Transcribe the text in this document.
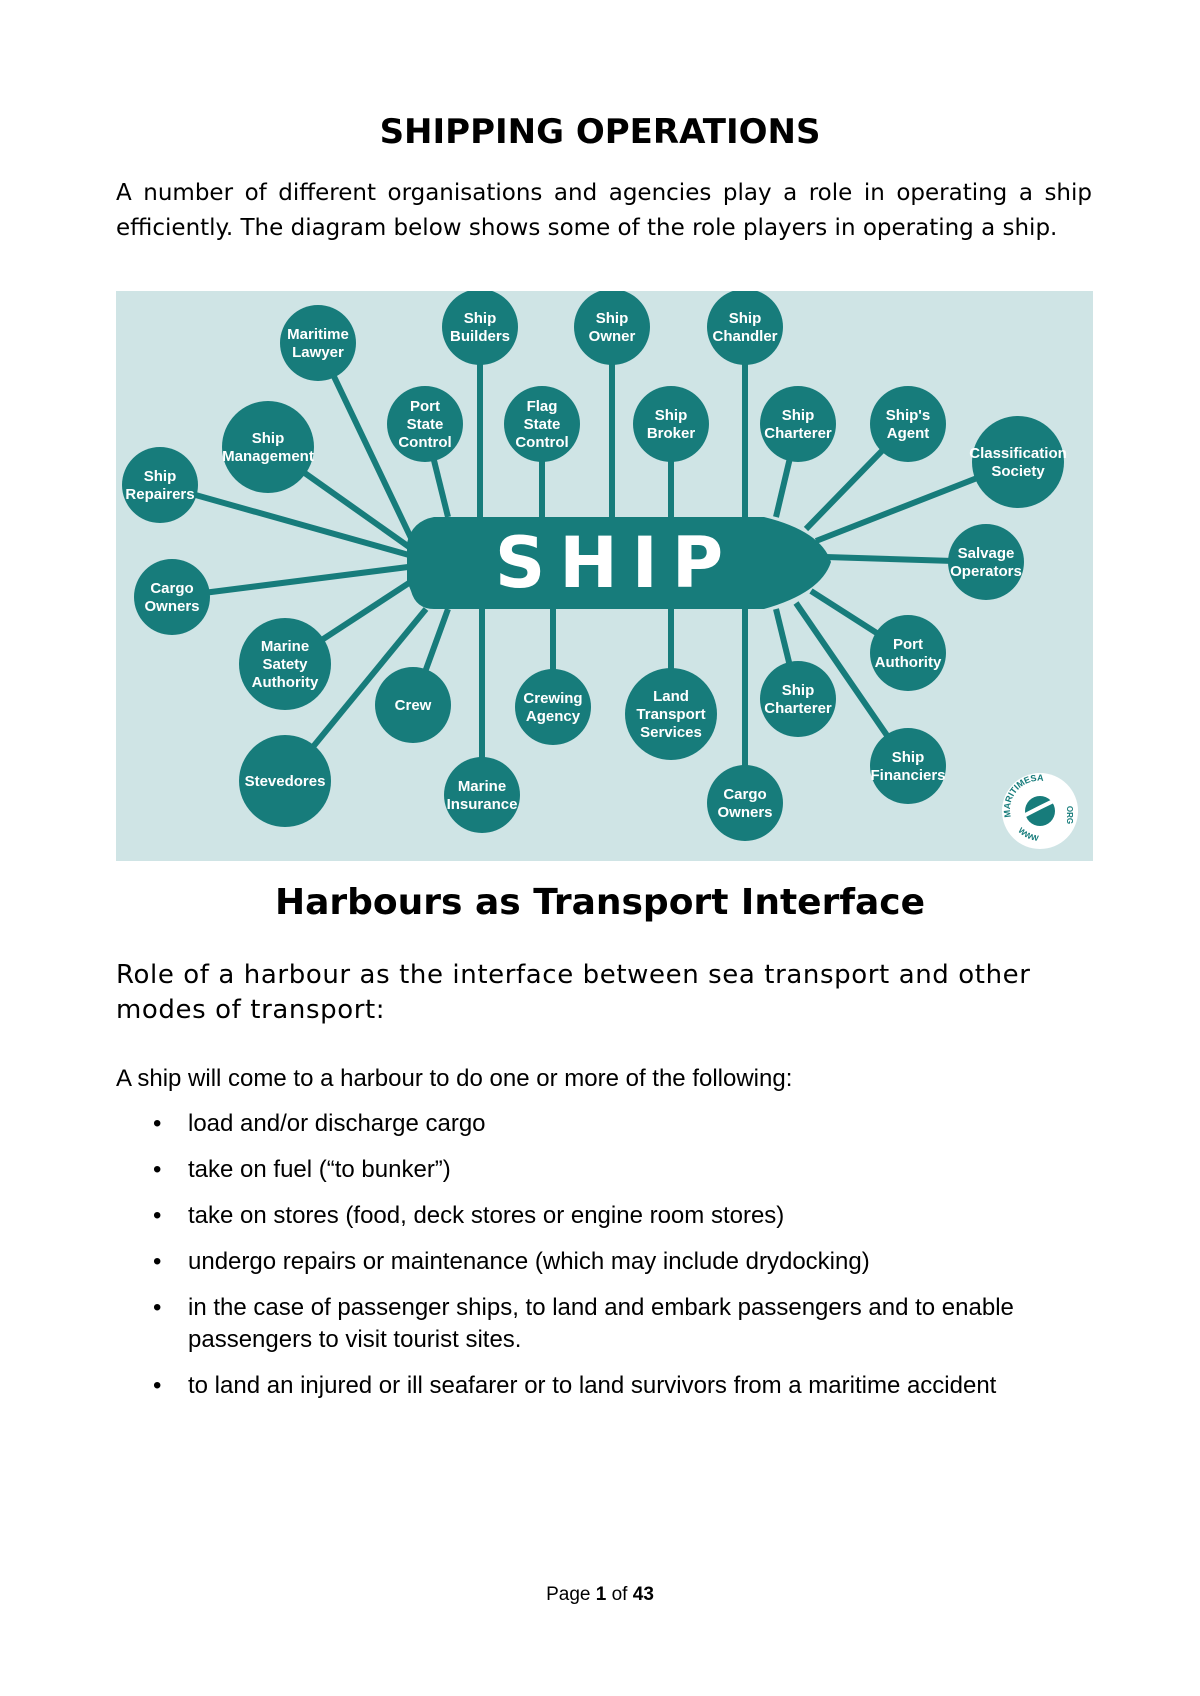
SHIPPING OPERATIONS

A number of different organisations and agencies play a role in operating a ship efficiently. The diagram below shows some of the role players in operating a ship.

SHIP
Maritime
Lawyer
Ship
Builders
Ship
Owner
Ship
Chandler
Port
State
Control
Flag
State
Control
Ship
Broker
Ship
Charterer
Ship's
Agent
Ship
Management	Classification
Society
Ship
Repairers
Salvage
Operators
Cargo
Owners
Marine
Satety
Authority
Port
Authority
Crew	Crewing
Agency
Land
Transport
Services
Ship
Charterer
Ship
Financiers
Stevedores	Marine
Insurance
Cargo
Owners	MARITIMESA
ORG
WWW
Harbours as Transport Interface

Role of a harbour as the interface between sea transport and other modes of transport:

A ship will come to a harbour to do one or more of the following:

• load and/or discharge cargo
• take on fuel (“to bunker”)
• take on stores (food, deck stores or engine room stores)
• undergo repairs or maintenance (which may include drydocking)
• in the case of passenger ships, to land and embark passengers and to enable passengers to visit tourist sites.
• to land an injured or ill seafarer or to land survivors from a maritime accident
Page 1 of 43
